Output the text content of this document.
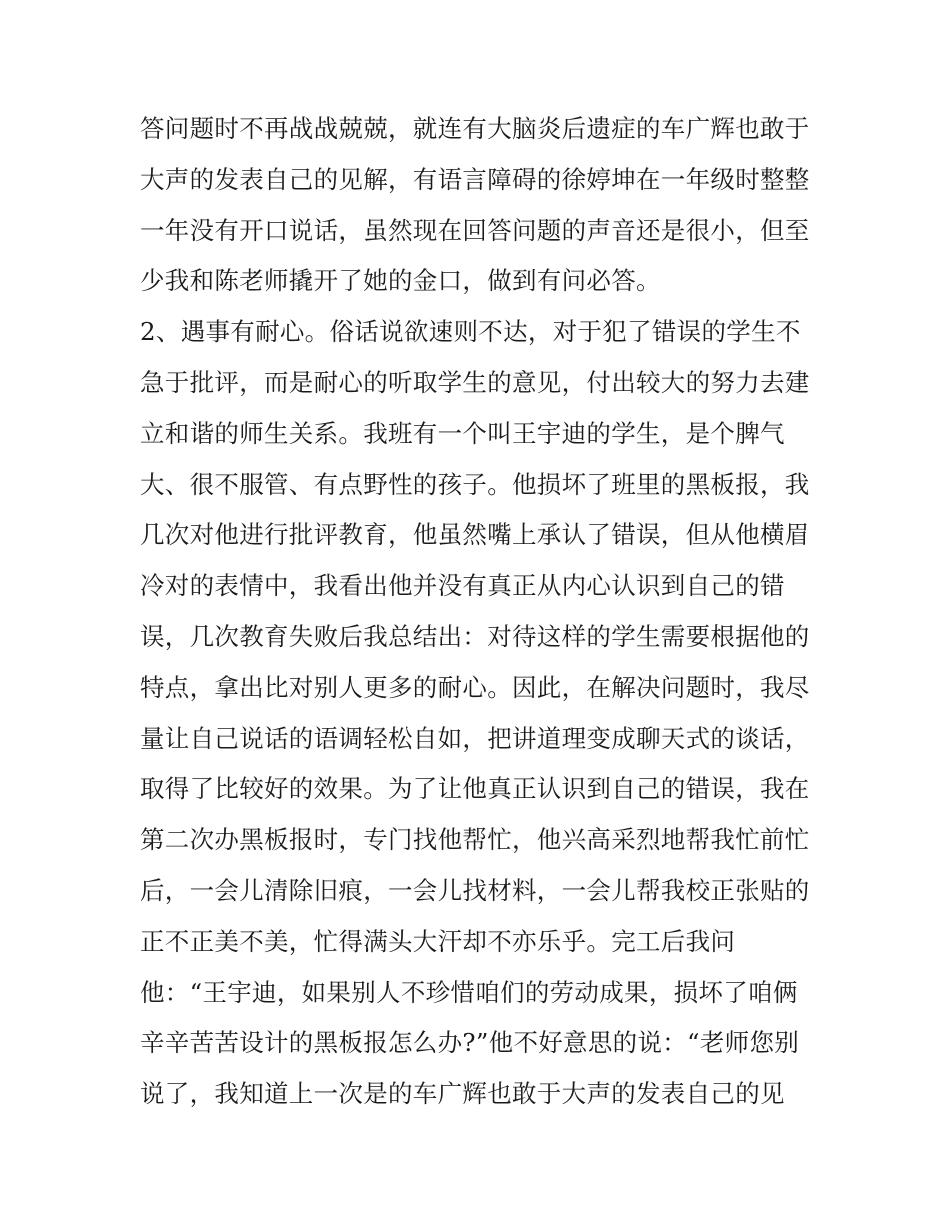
答问题时不再战战兢兢，就连有大脑炎后遗症的车广辉也敢于
大声的发表自己的见解，有语言障碍的徐婷坤在一年级时整整
一年没有开口说话，虽然现在回答问题的声音还是很小，但至
少我和陈老师撬开了她的金口，做到有问必答。
2、遇事有耐心。俗话说欲速则不达，对于犯了错误的学生不
急于批评，而是耐心的听取学生的意见，付出较大的努力去建
立和谐的师生关系。我班有一个叫王宇迪的学生，是个脾气
大、很不服管、有点野性的孩子。他损坏了班里的黑板报，我
几次对他进行批评教育，他虽然嘴上承认了错误，但从他横眉
冷对的表情中，我看出他并没有真正从内心认识到自己的错
误，几次教育失败后我总结出：对待这样的学生需要根据他的
特点，拿出比对别人更多的耐心。因此，在解决问题时，我尽
量让自己说话的语调轻松自如，把讲道理变成聊天式的谈话，
取得了比较好的效果。为了让他真正认识到自己的错误，我在
第二次办黑板报时，专门找他帮忙，他兴高采烈地帮我忙前忙
后，一会儿清除旧痕，一会儿找材料，一会儿帮我校正张贴的
正不正美不美，忙得满头大汗却不亦乐乎。完工后我问
他：“王宇迪，如果别人不珍惜咱们的劳动成果，损坏了咱俩
辛辛苦苦设计的黑板报怎么办?”他不好意思的说：“老师您别
说了，我知道上一次是的车广辉也敢于大声的发表自己的见
